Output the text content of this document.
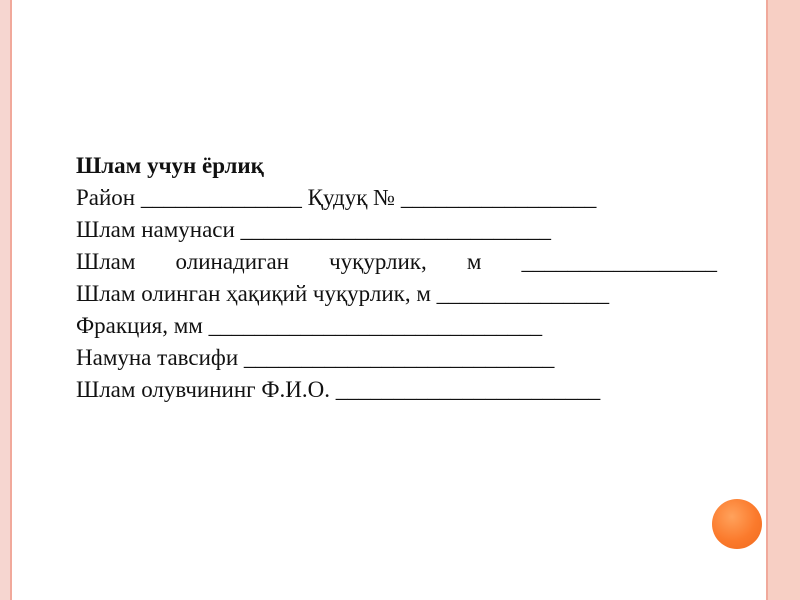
Шлам учун ёрлиқ
Район ______________ Қудуқ № _________________
Шлам намунаси ___________________________
Шлам олинадиган чуқурлик, м _________________
Шлам олинган ҳақиқий чуқурлик, м _______________
Фракция, мм _____________________________
Намуна тавсифи ___________________________
Шлам олувчининг Ф.И.О. _______________________
